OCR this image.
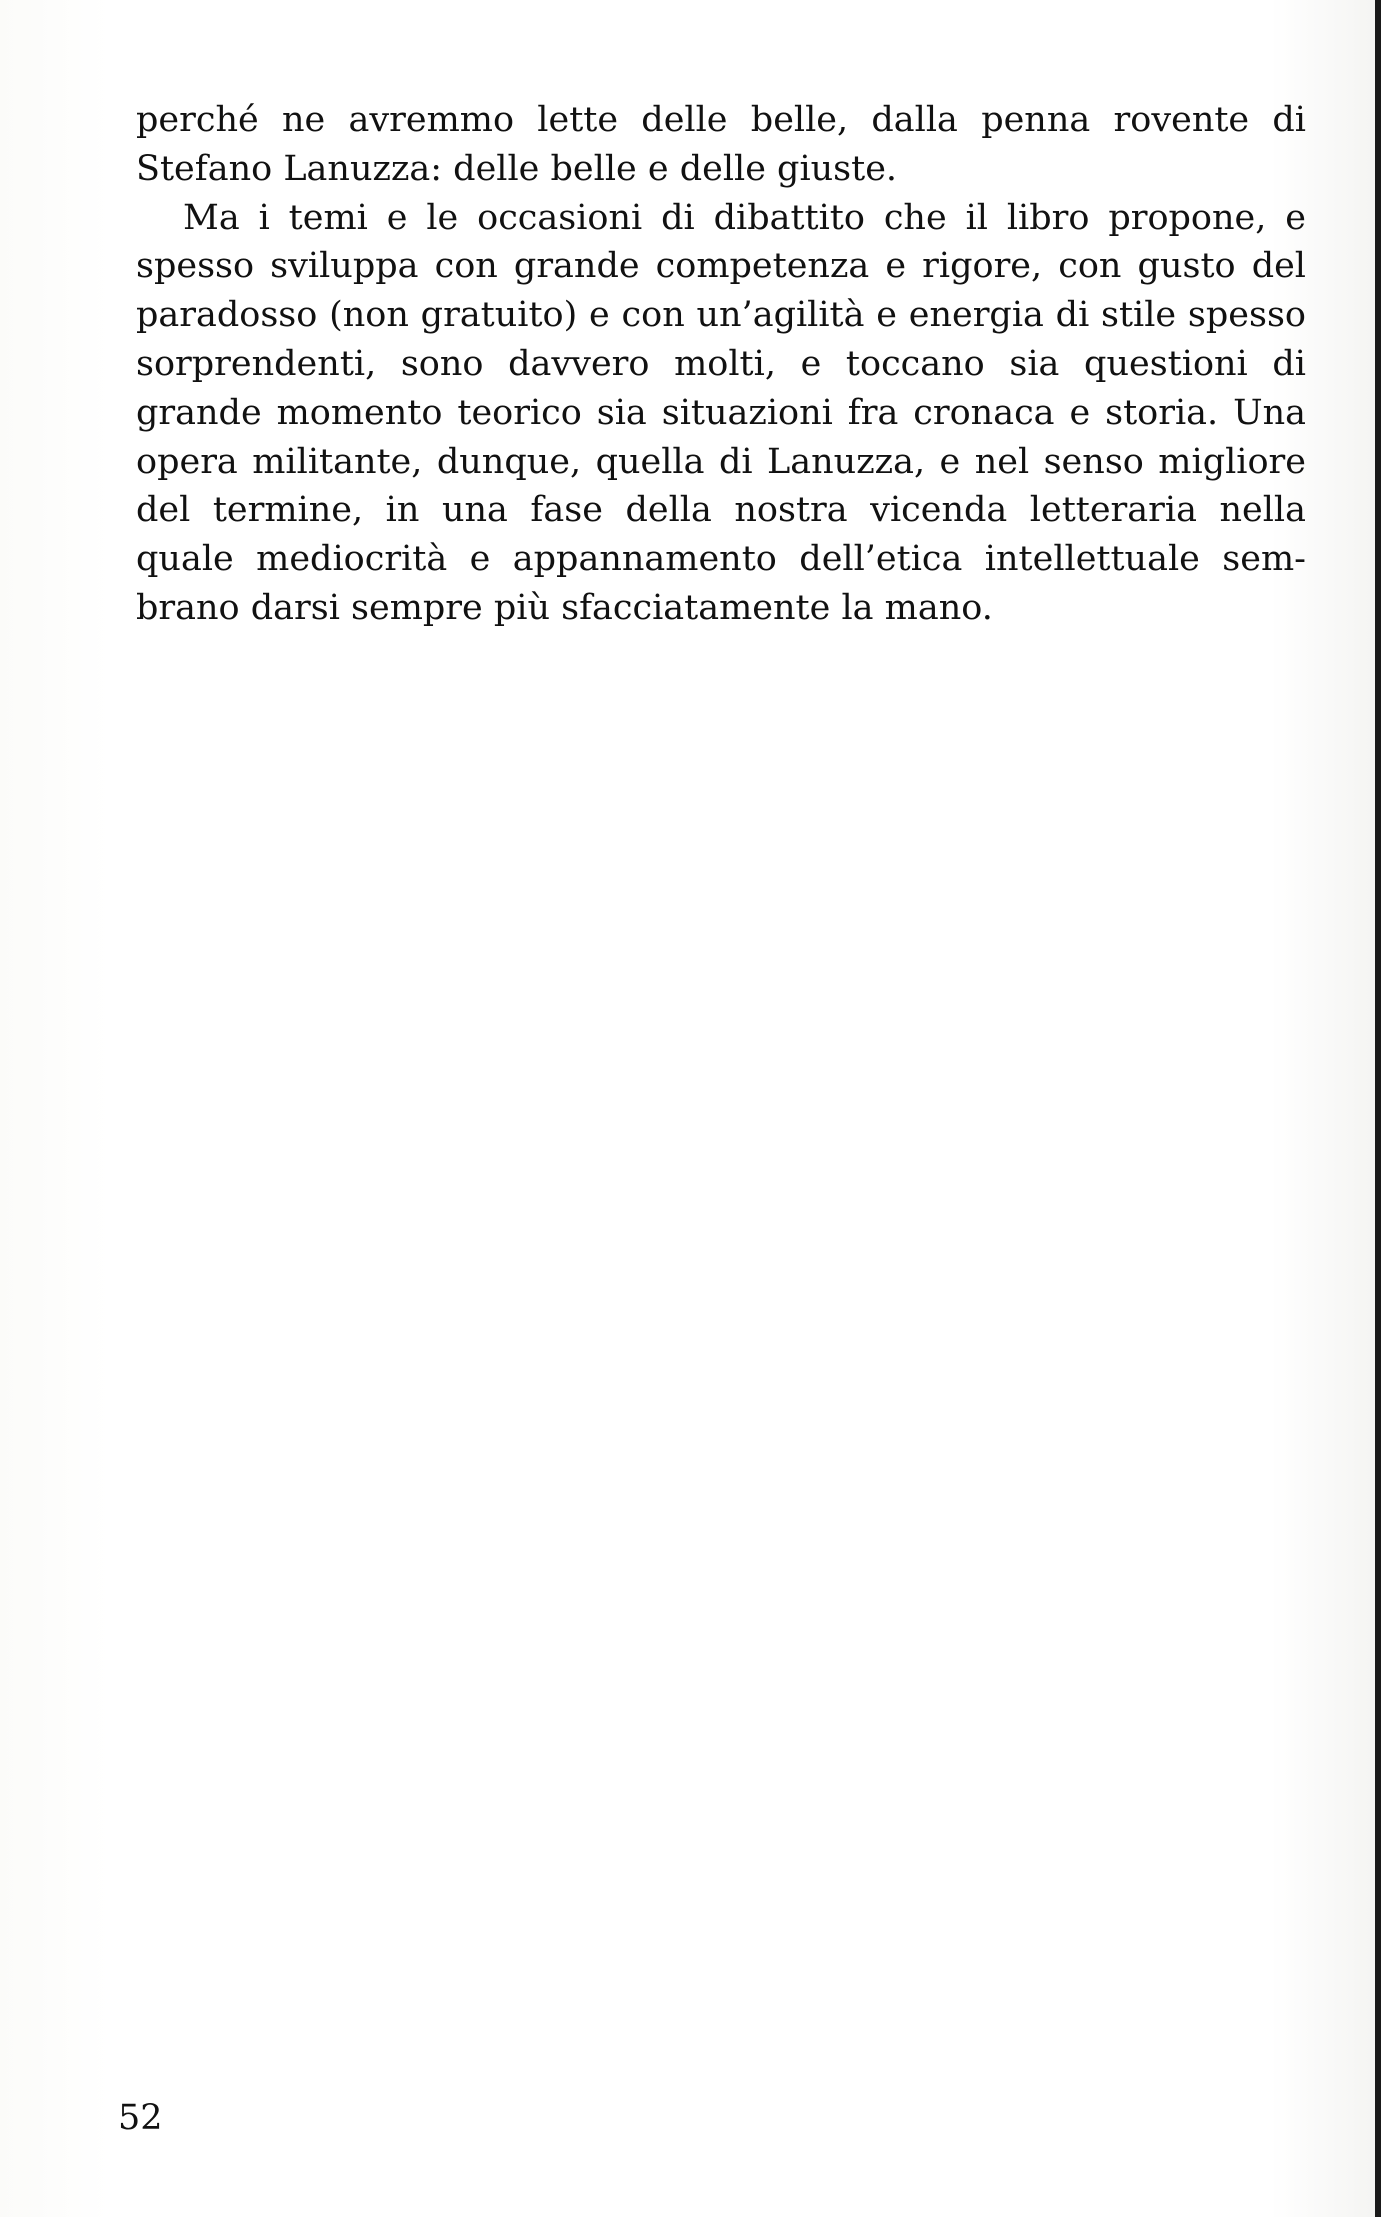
perché ne avremmo lette delle belle, dalla penna rovente di Stefano Lanuzza: delle belle e delle giuste.

Ma i temi e le occasioni di dibattito che il libro propone, e spesso sviluppa con grande competenza e rigore, con gusto del paradosso (non gratuito) e con un’agilità e energia di stile spesso sorprendenti, sono davvero molti, e toccano sia questioni di grande momento teorico sia situazioni fra cronaca e storia. Una opera militante, dunque, quella di Lanuzza, e nel senso migliore del termine, in una fase della nostra vicenda letteraria nella quale mediocrità e appannamento dell’etica intellettuale sembrano darsi sempre più sfacciatamente la mano.

52
